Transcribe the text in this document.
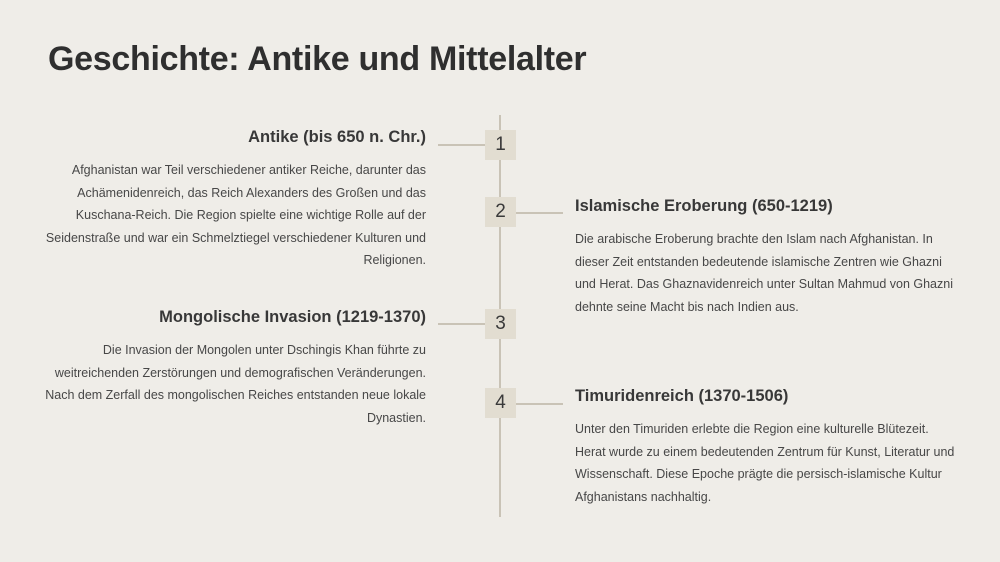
Geschichte: Antike und Mittelalter
1
Antike (bis 650 n. Chr.)

Afghanistan war Teil verschiedener antiker Reiche, darunter das Achämenidenreich, das Reich Alexanders des Großen und das Kuschana-Reich. Die Region spielte eine wichtige Rolle auf der Seidenstraße und war ein Schmelztiegel verschiedener Kulturen und Religionen.

2	Islamische Eroberung (650-1219)

Die arabische Eroberung brachte den Islam nach Afghanistan. In dieser Zeit entstanden bedeutende islamische Zentren wie Ghazni und Herat. Das Ghaznavidenreich unter Sultan Mahmud von Ghazni dehnte seine Macht bis nach Indien aus.

3
Mongolische Invasion (1219-1370)

Die Invasion der Mongolen unter Dschingis Khan führte zu weitreichenden Zerstörungen und demografischen Veränderungen. Nach dem Zerfall des mongolischen Reiches entstanden neue lokale Dynastien.

4	Timuridenreich (1370-1506)

Unter den Timuriden erlebte die Region eine kulturelle Blütezeit. Herat wurde zu einem bedeutenden Zentrum für Kunst, Literatur und Wissenschaft. Diese Epoche prägte die persisch-islamische Kultur Afghanistans nachhaltig.
